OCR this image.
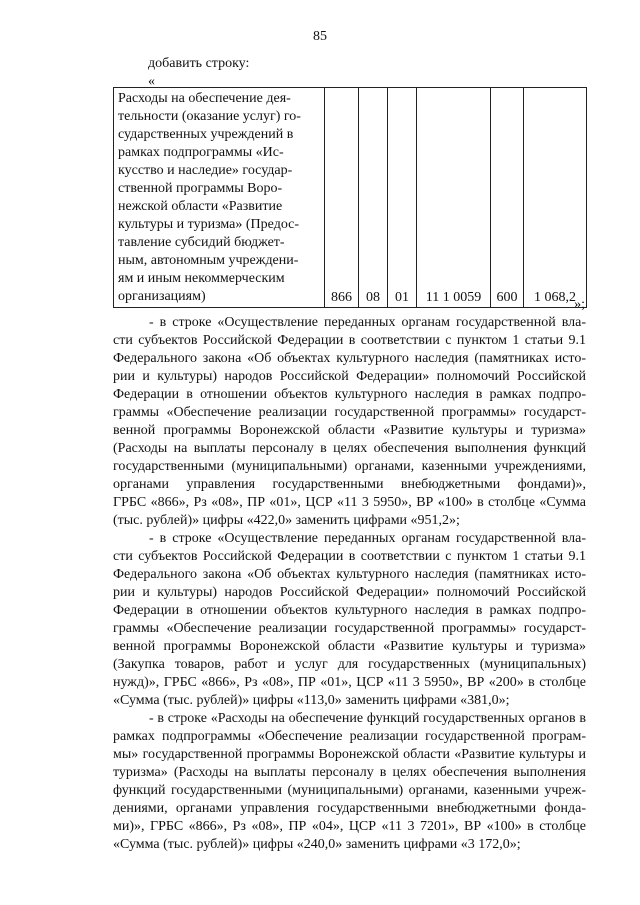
85
добавить строку:
«
Расходы на обеспечение дея-
тельности (оказание услуг) го-
сударственных учреждений в
рамках подпрограммы «Ис-
кусство и наследие» государ-
ственной программы Воро-
нежской области «Развитие
культуры и туризма» (Предос-
тавление субсидий бюджет-
ным, автономным учреждени-
ям и иным некоммерческим
организациям)	866	08	01	11 1 0059	600	1 068,2
»;

- в строке «Осуществление переданных органам государственной вла-
сти субъектов Российской Федерации в соответствии с пунктом 1 статьи 9.1
Федерального закона «Об объектах культурного наследия (памятниках исто-
рии и культуры) народов Российской Федерации» полномочий Российской
Федерации в отношении объектов культурного наследия в рамках подпро-
граммы «Обеспечение реализации государственной программы» государст-
венной программы Воронежской области «Развитие культуры и туризма»
(Расходы на выплаты персоналу в целях обеспечения выполнения функций
государственными (муниципальными) органами, казенными учреждениями,
органами управления государственными внебюджетными фондами)»,
ГРБС «866», Рз «08», ПР «01», ЦСР «11 3 5950», ВР «100» в столбце «Сумма
(тыс. рублей)» цифры «422,0» заменить цифрами «951,2»;

- в строке «Осуществление переданных органам государственной вла-
сти субъектов Российской Федерации в соответствии с пунктом 1 статьи 9.1
Федерального закона «Об объектах культурного наследия (памятниках исто-
рии и культуры) народов Российской Федерации» полномочий Российской
Федерации в отношении объектов культурного наследия в рамках подпро-
граммы «Обеспечение реализации государственной программы» государст-
венной программы Воронежской области «Развитие культуры и туризма»
(Закупка товаров, работ и услуг для государственных (муниципальных)
нужд)», ГРБС «866», Рз «08», ПР «01», ЦСР «11 3 5950», ВР «200» в столбце
«Сумма (тыс. рублей)» цифры «113,0» заменить цифрами «381,0»;

- в строке «Расходы на обеспечение функций государственных органов в
рамках подпрограммы «Обеспечение реализации государственной програм-
мы» государственной программы Воронежской области «Развитие культуры и
туризма» (Расходы на выплаты персоналу в целях обеспечения выполнения
функций государственными (муниципальными) органами, казенными учреж-
дениями, органами управления государственными внебюджетными фонда-
ми)», ГРБС «866», Рз «08», ПР «04», ЦСР «11 3 7201», ВР «100» в столбце
«Сумма (тыс. рублей)» цифры «240,0» заменить цифрами «3 172,0»;
